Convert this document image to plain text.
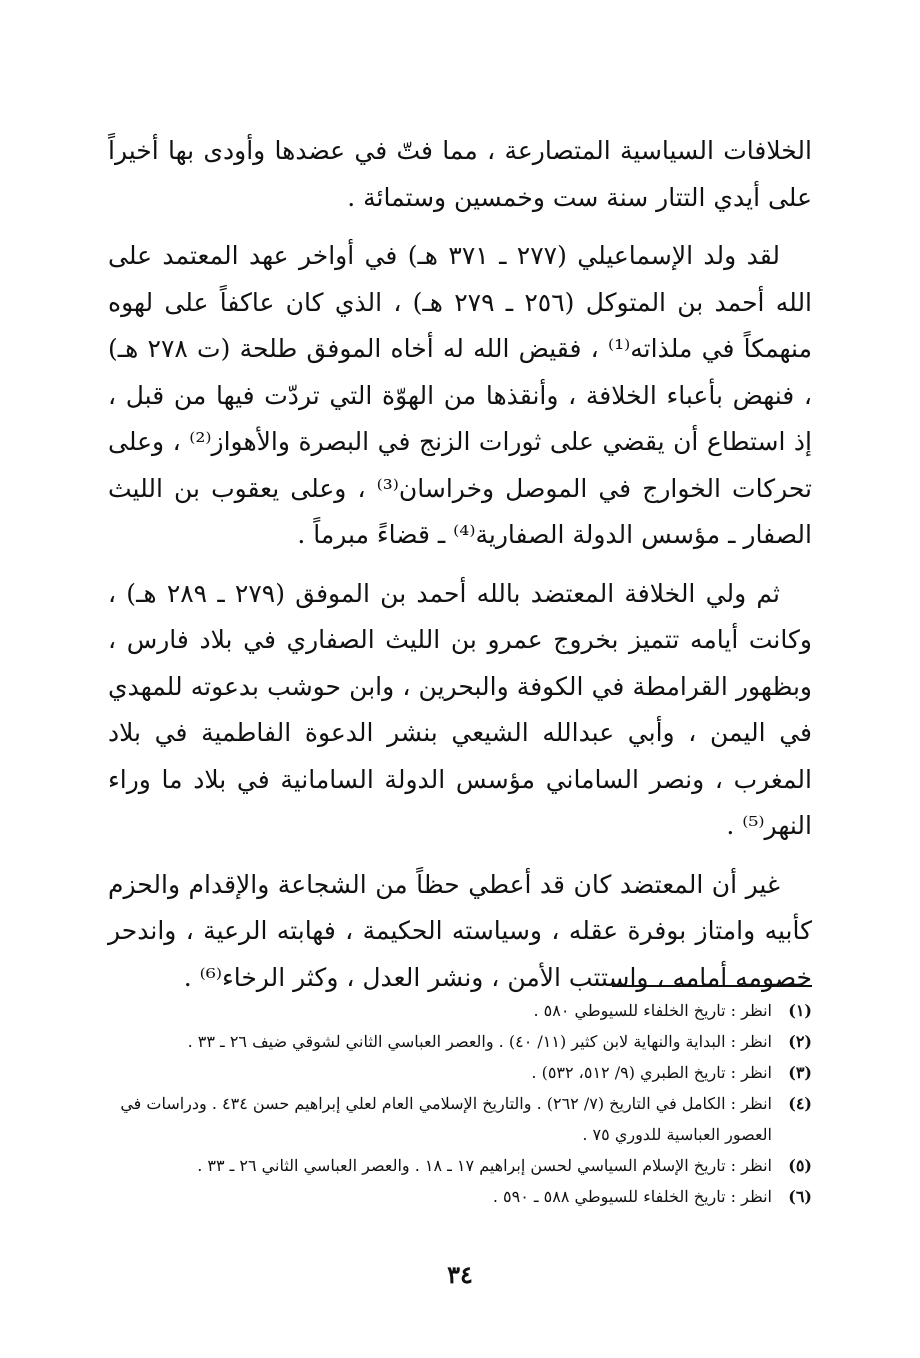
الخلافات السياسية المتصارعة ، مما فتّ في عضدها وأودى بها أخيراً على أيدي التتار سنة ست وخمسين وستمائة .

لقد ولد الإسماعيلي (٢٧٧ ـ ٣٧١ هـ) في أواخر عهد المعتمد على الله أحمد بن المتوكل (٢٥٦ ـ ٢٧٩ هـ) ، الذي كان عاكفاً على لهوه منهمكاً في ملذاته⁽¹⁾ ، فقيض الله له أخاه الموفق طلحة (ت ٢٧٨ هـ) ، فنهض بأعباء الخلافة ، وأنقذها من الهوّة التي تردّت فيها من قبل ، إذ استطاع أن يقضي على ثورات الزنج في البصرة والأهواز⁽²⁾ ، وعلى تحركات الخوارج في الموصل وخراسان⁽³⁾ ، وعلى يعقوب بن الليث الصفار ـ مؤسس الدولة الصفارية⁽⁴⁾ ـ قضاءً مبرماً .

ثم ولي الخلافة المعتضد بالله أحمد بن الموفق (٢٧٩ ـ ٢٨٩ هـ) ، وكانت أيامه تتميز بخروج عمرو بن الليث الصفاري في بلاد فارس ، وبظهور القرامطة في الكوفة والبحرين ، وابن حوشب بدعوته للمهدي في اليمن ، وأبي عبدالله الشيعي بنشر الدعوة الفاطمية في بلاد المغرب ، ونصر الساماني مؤسس الدولة السامانية في بلاد ما وراء النهر⁽⁵⁾ .

غير أن المعتضد كان قد أعطي حظاً من الشجاعة والإقدام والحزم كأبيه وامتاز بوفرة عقله ، وسياسته الحكيمة ، فهابته الرعية ، واندحر خصومه أمامه ، واستتب الأمن ، ونشر العدل ، وكثر الرخاء⁽⁶⁾ .

(١)
انظر : تاريخ الخلفاء للسيوطي ٥٨٠ .
(٢)
انظر : البداية والنهاية لابن كثير (١١/ ٤٠) . والعصر العباسي الثاني لشوقي ضيف ٢٦ ـ ٣٣ .
(٣)
انظر : تاريخ الطبري (٩/ ٥١٢، ٥٣٢) .
(٤)
انظر : الكامل في التاريخ (٧/ ٢٦٢) . والتاريخ الإسلامي العام لعلي إبراهيم حسن ٤٣٤ . ودراسات في العصور العباسية للدوري ٧٥ .
(٥)
انظر : تاريخ الإسلام السياسي لحسن إبراهيم ١٧ ـ ١٨ . والعصر العباسي الثاني ٢٦ ـ ٣٣ .
(٦)
انظر : تاريخ الخلفاء للسيوطي ٥٨٨ ـ ٥٩٠ .
٣٤
